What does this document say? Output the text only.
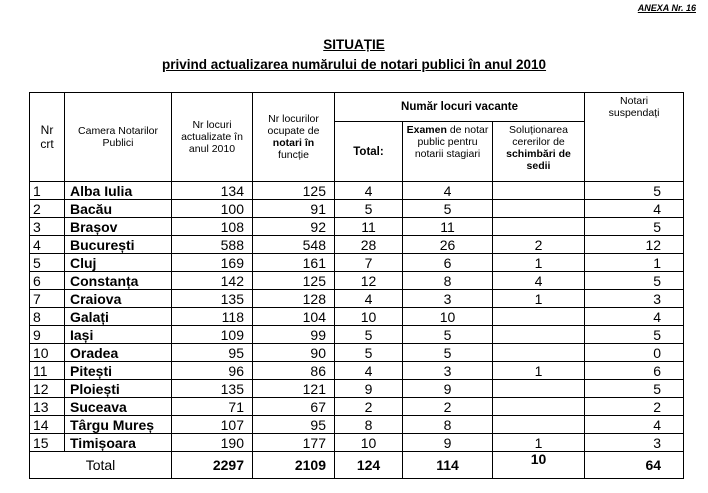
ANEXA Nr. 16
SITUAȚIE
privind actualizarea numărului de notari publici în anul 2010
Nr crt	Camera Notarilor Publici	Nr locuri actualizate în anul 2010	Nr locurilor ocupate de notari în funcție	Număr locuri vacante			Notari suspendați
				Total:	Examen de notar public pentru notarii stagiari	Soluționarea cererilor de schimbări de sedii	
1	Alba Iulia	134	125	4	4		5
2	Bacău	100	91	5	5		4
3	Brașov	108	92	11	11		5
4	București	588	548	28	26	2	12
5	Cluj	169	161	7	6	1	1
6	Constanța	142	125	12	8	4	5
7	Craiova	135	128	4	3	1	3
8	Galați	118	104	10	10		4
9	Iași	109	99	5	5		5
10	Oradea	95	90	5	5		0
11	Pitești	96	86	4	3	1	6
12	Ploiești	135	121	9	9		5
13	Suceava	71	67	2	2		2
14	Târgu Mureș	107	95	8	8		4
15	Timișoara	190	177	10	9	1	3
Total		2297	2109	124	114	10	64
